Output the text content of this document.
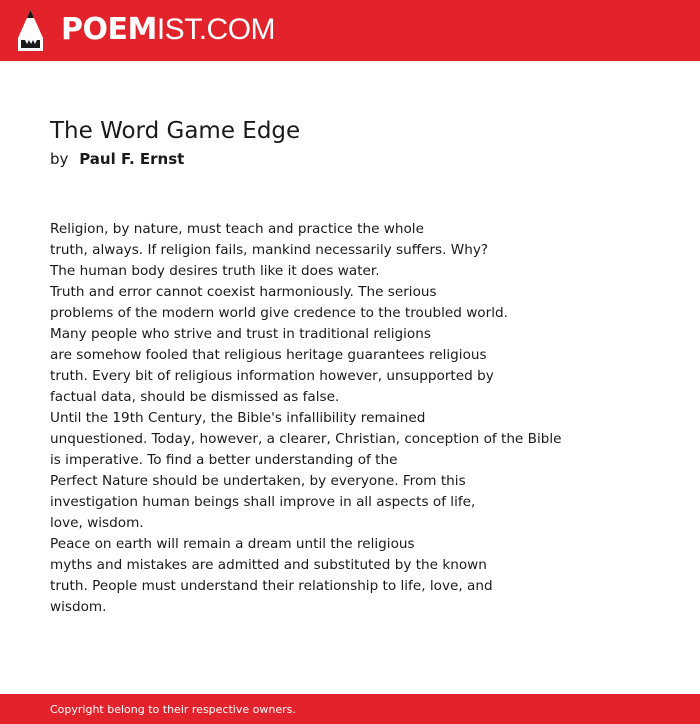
POEMIST.COM
The Word Game Edge
by Paul F. Ernst
Religion, by nature, must teach and practice the whole
truth, always. If religion fails, mankind necessarily suffers. Why?
The human body desires truth like it does water.
Truth and error cannot coexist harmoniously. The serious
problems of the modern world give credence to the troubled world.
Many people who strive and trust in traditional religions
are somehow fooled that religious heritage guarantees religious
truth. Every bit of religious information however, unsupported by
factual data, should be dismissed as false.
Until the 19th Century, the Bible's infallibility remained
unquestioned. Today, however, a clearer, Christian, conception of the Bible
is imperative. To find a better understanding of the
Perfect Nature should be undertaken, by everyone. From this
investigation human beings shall improve in all aspects of life,
love, wisdom.
Peace on earth will remain a dream until the religious
myths and mistakes are admitted and substituted by the known
truth. People must understand their relationship to life, love, and
wisdom.
Copyright belong to their respective owners.
